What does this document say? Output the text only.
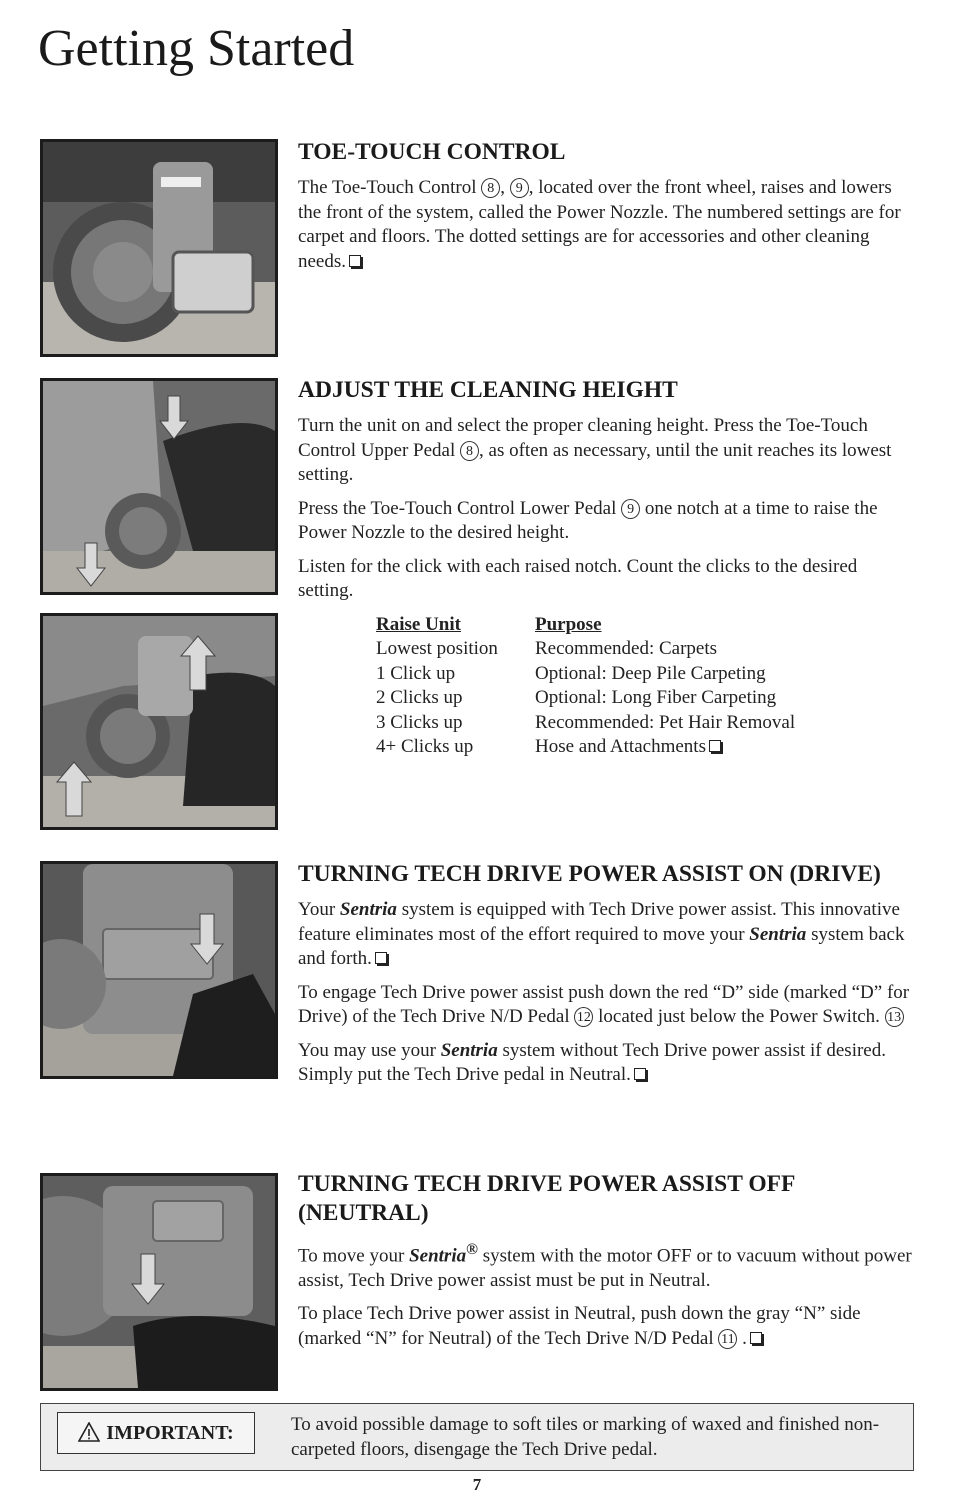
Getting Started
TOE-TOUCH CONTROL

The Toe-Touch Control 8 , 9 , located over the front wheel, raises and lowers the front of the system, called the Power Nozzle. The numbered settings are for carpet and floors. The dotted settings are for accessories and other cleaning needs.

ADJUST THE CLEANING HEIGHT

Turn the unit on and select the proper cleaning height. Press the Toe-Touch Control Upper Pedal 8 , as often as necessary, until the unit reaches its lowest setting.

Press the Toe-Touch Control Lower Pedal 9 one notch at a time to raise the Power Nozzle to the desired height.

Listen for the click with each raised notch. Count the clicks to the desired setting.

Raise Unit	Purpose
Lowest position	Recommended: Carpets
1 Click up	Optional: Deep Pile Carpeting
2 Clicks up	Optional: Long Fiber Carpeting
3 Clicks up	Recommended: Pet Hair Removal
4+ Clicks up	Hose and Attachments
TURNING TECH DRIVE POWER ASSIST ON (DRIVE)

Your Sentria system is equipped with Tech Drive power assist. This innovative feature eliminates most of the effort required to move your Sentria system back and forth.

To engage Tech Drive power assist push down the red “D” side (marked “D” for Drive) of the Tech Drive N/D Pedal 12 located just below the Power Switch. 13

You may use your Sentria system without Tech Drive power assist if desired. Simply put the Tech Drive pedal in Neutral.

TURNING TECH DRIVE POWER ASSIST OFF (NEUTRAL)

To move your Sentria® system with the motor OFF or to vacuum without power assist, Tech Drive power assist must be put in Neutral.

To place Tech Drive power assist in Neutral, push down the gray “N” side (marked “N” for Neutral) of the Tech Drive N/D Pedal 11 .

IMPORTANT:	To avoid possible damage to soft tiles or marking of waxed and finished non-carpeted floors, disengage the Tech Drive pedal.
7
